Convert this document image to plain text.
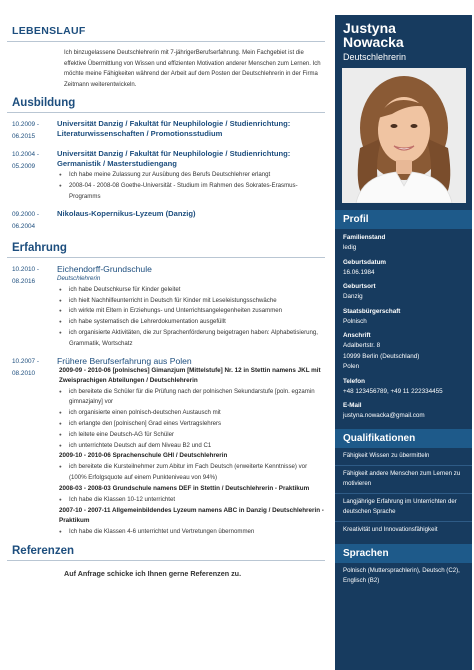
LEBENSLAUF
Ich binzugelassene Deutschlehrerin mit 7-jährigerBerufserfahrung. Mein Fachgebiet ist die effektive Übermittlung von Wissen und effizienten Motivation anderer Menschen zum Lernen. Ich möchte meine Fähigkeiten während der Arbeit auf dem Posten der Deutschlehrerin in der Firma Zeitmann weiterentwickeln.
Ausbildung
10.2009 -
06.2015
Universität Danzig / Fakultät für Neuphilologie / Studienrichtung: Literaturwissenschaften / Promotionsstudium
10.2004 -
05.2009
Universität Danzig / Fakultät für Neuphilologie / Studienrichtung: Germanistik / Masterstudiengang
● Ich habe meine Zulassung zur Ausübung des Berufs Deutschlehrer erlangt
● 2008-04 - 2008-08 Goethe-Universität - Studium im Rahmen des Sokrates-Erasmus-Programms
09.2000 -
06.2004
Nikolaus-Kopernikus-Lyzeum (Danzig)
Erfahrung
10.2010 -
08.2016
Eichendorff-Grundschule
Deutschlehrerin
● ich habe Deutschkurse für Kinder geleitet
● ich hielt Nachhilfeunterricht in Deutsch für Kinder mit Leseleistungsschwäche
● ich wirkte mit Eltern in Erziehungs- und Unterrichtsangelegenheiten zusammen
● ich habe systematisch die Lehrerdokumentation ausgefüllt
● ich organisierte Aktivitäten, die zur Sprachenförderung beigetragen haben: Alphabetisierung, Grammatik, Wortschatz
10.2007 -
08.2010
Frühere Berufserfahrung aus Polen
2009-09 - 2010-06 [polnisches] Gimanzjum [Mittelstufe] Nr. 12 in Stettin namens JKL mit Zweisprachigen Abteilungen / Deutschlehrerin
● ich bereitete die Schüler für die Prüfung nach der polnischen Sekundarstufe [poln. egzamin gimnazjalny] vor
● ich organisierte einen polnisch-deutschen Austausch mit
● ich erlangte den [polnischen] Grad eines Vertragslehrers
● ich leitete eine Deutsch-AG für Schüler
● ich unterrichtete Deutsch auf dem Niveau B2 und C1
2009-10 - 2010-06 Sprachenschule GHI / Deutschlehrerin
● ich bereitete die Kursteilnehmer zum Abitur im Fach Deutsch (erweiterte Kenntnisse) vor (100% Erfolgsquote auf einem Punkteniveau von 94%)
2008-03 - 2008-03 Grundschule namens DEF in Stettin / Deutschlehrerin - Praktikum
● Ich habe die Klassen 10-12 unterrichtet
2007-10 - 2007-11 Allgemeinbildendes Lyzeum namens ABC in Danzig / Deutschlehrerin - Praktikum
● Ich habe die Klassen 4-6 unterrichtet und Vertretungen übernommen
Referenzen
Auf Anfrage schicke ich Ihnen gerne Referenzen zu.
Justyna
Nowacka
Deutschlehrerin
Profil
Familienstand
ledig
Geburtsdatum
16.06.1984
Geburtsort
Danzig
Staatsbürgerschaft
Polnisch
Anschrift
Adalbertstr. 8
10999 Berlin (Deutschland)
Polen
Telefon
+48 123456789, +49 11 222334455
E-Mail
justyna.nowacka@gmail.com
Qualifikationen
Fähigkeit Wissen zu übermitteln
Fähigkeit andere Menschen zum Lernen zu motivieren
Langjährige Erfahrung im Unterrichten der deutschen Sprache
Kreativität und Innovationsfähigkeit
Sprachen
Polnisch (Muttersprachlerin), Deutsch (C2), Englisch (B2)
